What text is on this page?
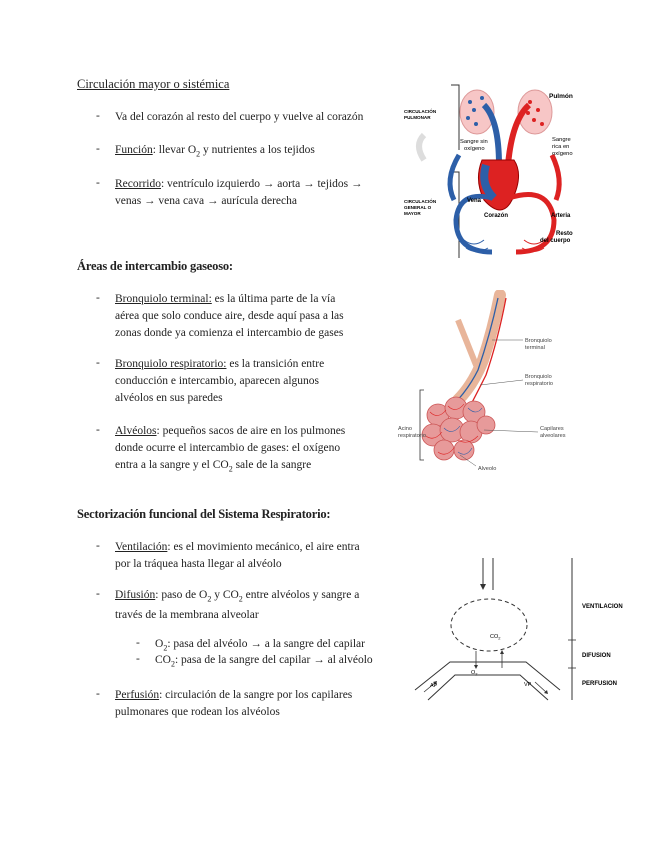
Circulación mayor o sistémica
- Va del corazón al resto del cuerpo y vuelve al corazón
- Función: llevar $O_2$ y nutrientes a los tejidos
- Recorrido: ventrículo izquierdo → aorta → tejidos →
venas → vena cava → aurícula derecha
CIRCULACIÓN
PULMONAR
CIRCULACIÓN
GENERAL O
MAYOR
Pulmón
Sangre sin
oxígeno
Sangre
rica en
oxígeno
Vena
Corazón	Arteria
Resto
del cuerpo
Áreas de intercambio gaseoso:
- Bronquiolo terminal: es la última parte de la vía
aérea que solo conduce aire, desde aquí pasa a las
zonas donde ya comienza el intercambio de gases
- Bronquiolo respiratorio: es la transición entre
conducción e intercambio, aparecen algunos
alvéolos en sus paredes
- Alvéolos: pequeños sacos de aire en los pulmones
donde ocurre el intercambio de gases: el oxígeno
entra a la sangre y el $CO_2$ sale de la sangre
Bronquiolo
terminal
Bronquiolo
respiratorio
Acino
respiratorio
Capilares
alveolares
Alveolo
Sectorización funcional del Sistema Respiratorio:
- Ventilación: es el movimiento mecánico, el aire entra
por la tráquea hasta llegar al alvéolo
- Difusión: paso de $O_2$ y $CO_2$ entre alvéolos y sangre a
través de la membrana alveolar
- $O_2$: pasa del alvéolo → a la sangre del capilar
- $CO_2$: pasa de la sangre del capilar → al alvéolo
- Perfusión: circulación de la sangre por los capilares
pulmonares que rodean los alvéolos
$CO_2$
$O_2$
AP	VP
VENTILACION
DIFUSION
PERFUSION
